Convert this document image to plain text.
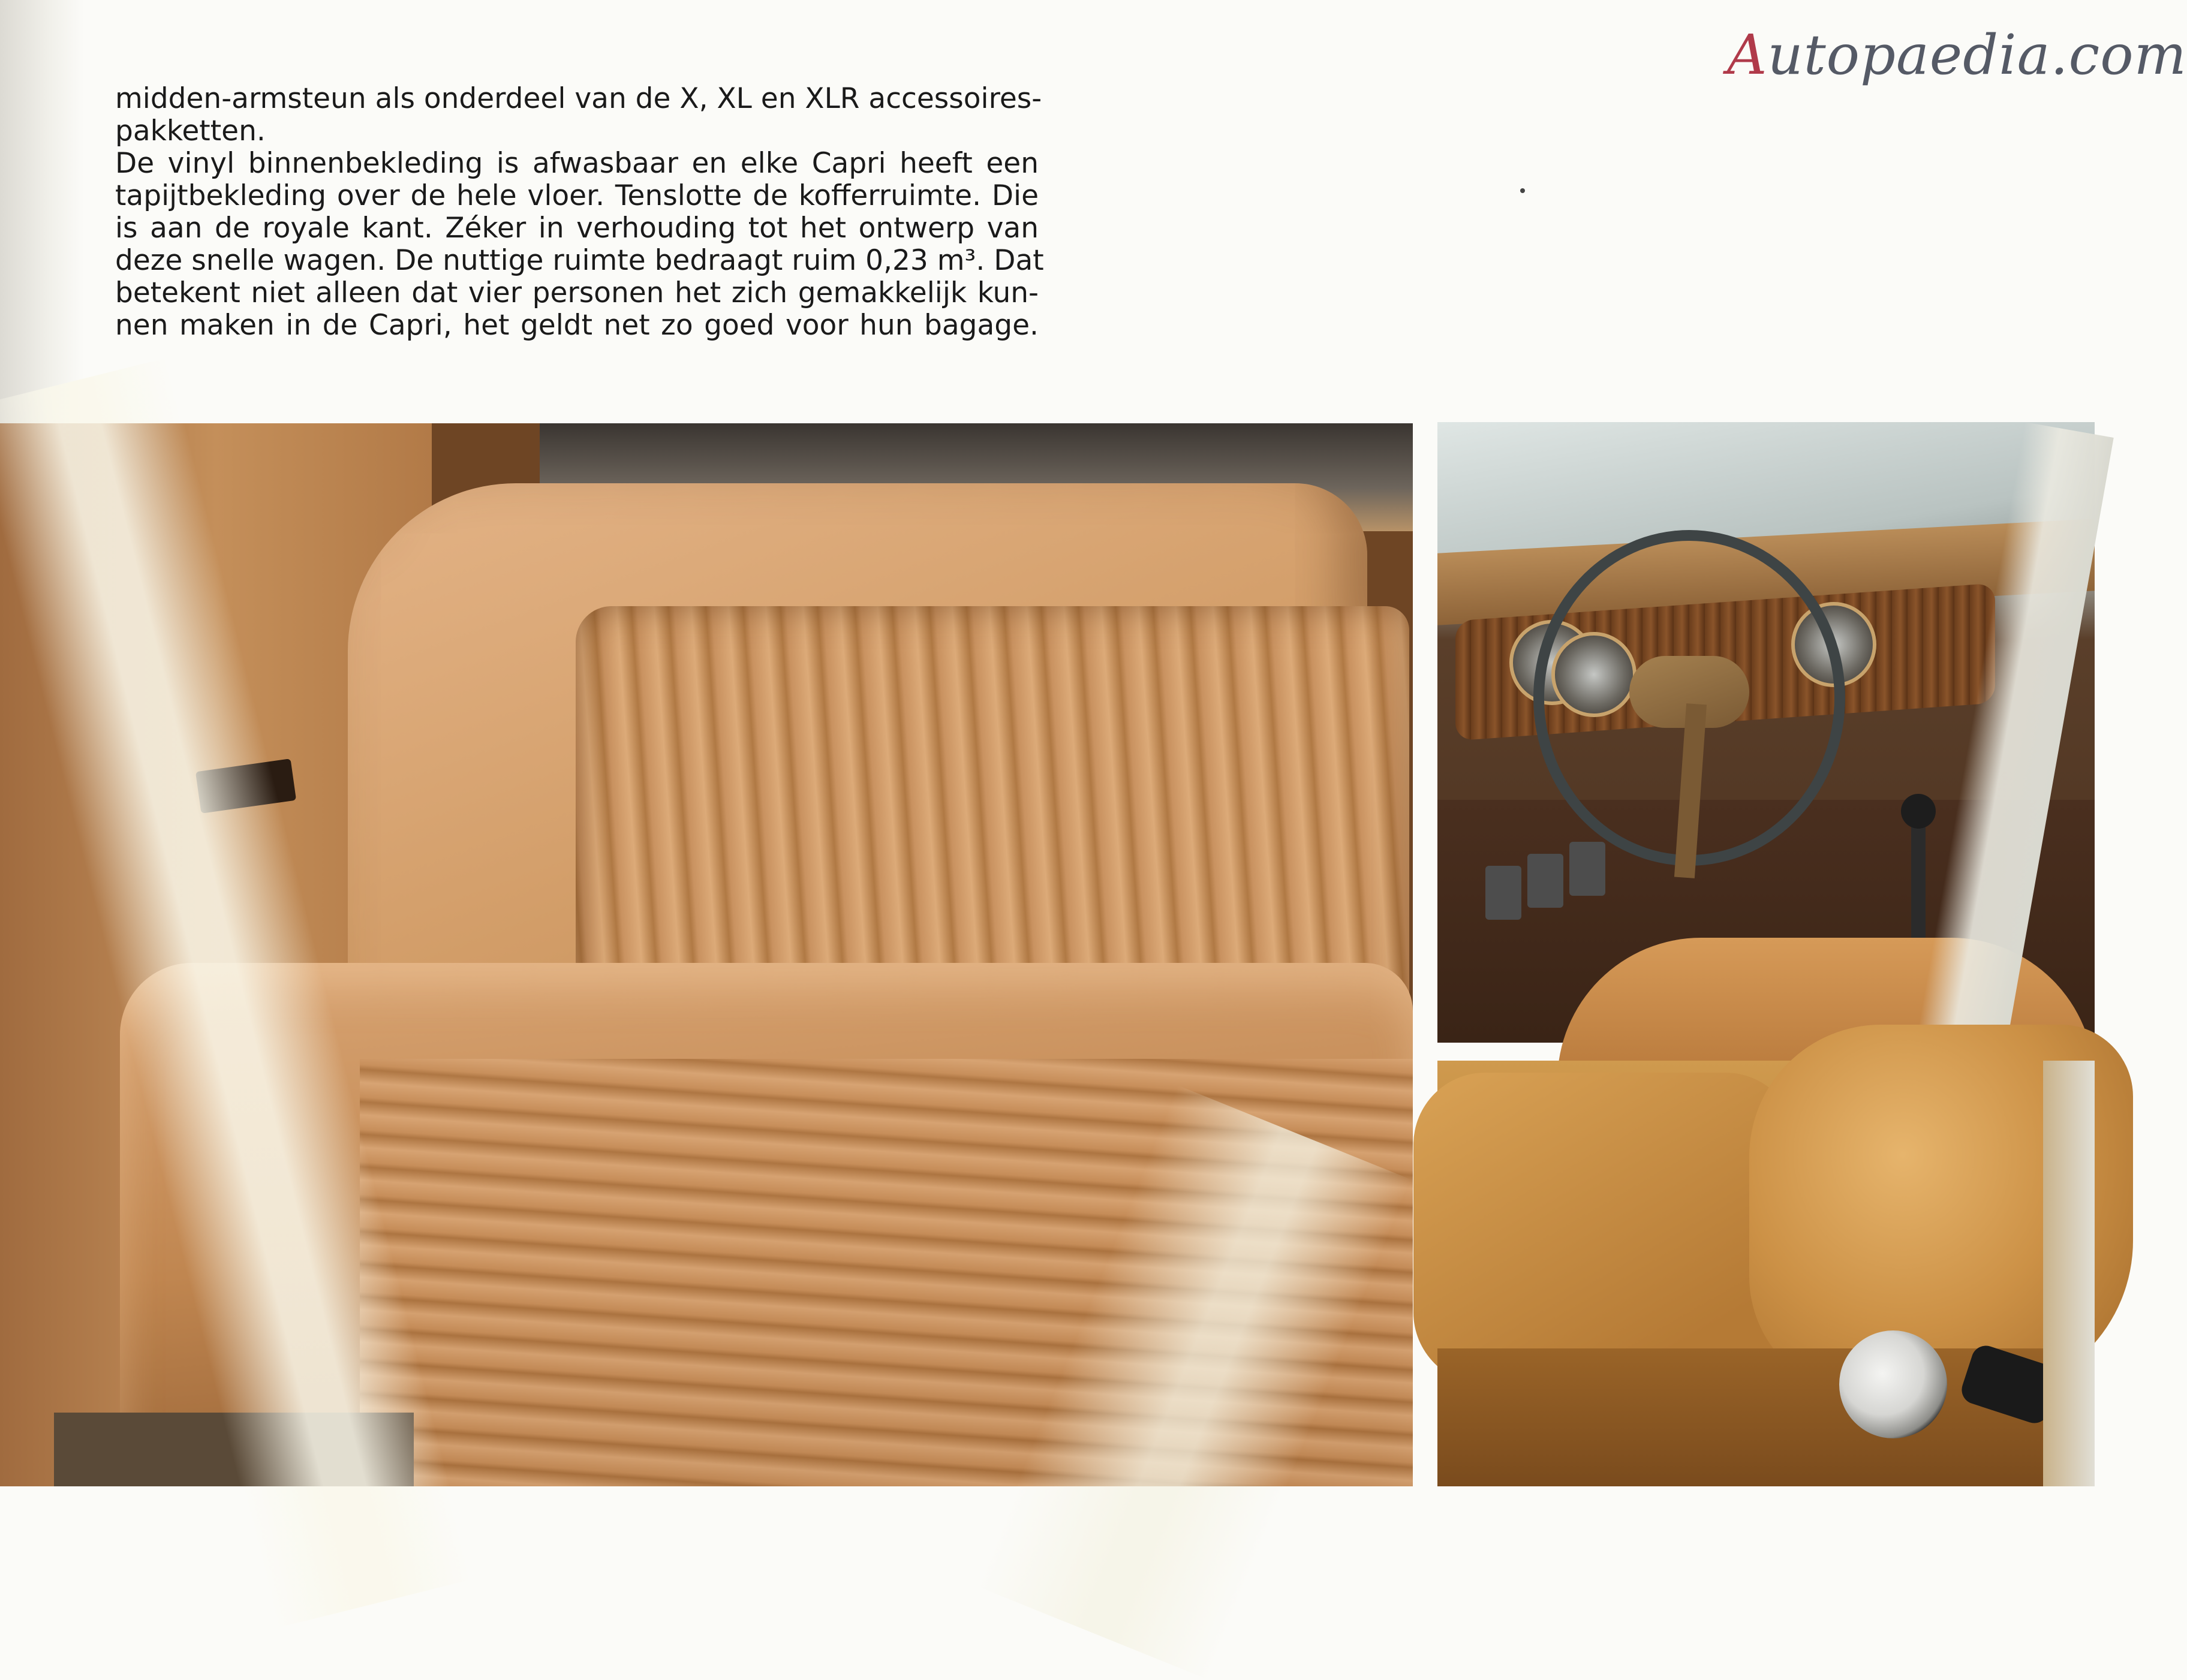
Autopaedia.com
midden-armsteun als onderdeel van de X, XL en XLR accessoires-
pakketten.
De vinyl binnenbekleding is afwasbaar en elke Capri heeft een
tapijtbekleding over de hele vloer. Tenslotte de kofferruimte. Die
is aan de royale kant. Zéker in verhouding tot het ontwerp van
deze snelle wagen. De nuttige ruimte bedraagt ruim 0,23 m³. Dat
betekent niet alleen dat vier personen het zich gemakkelijk kun-
nen maken in de Capri, het geldt net zo goed voor hun bagage.
